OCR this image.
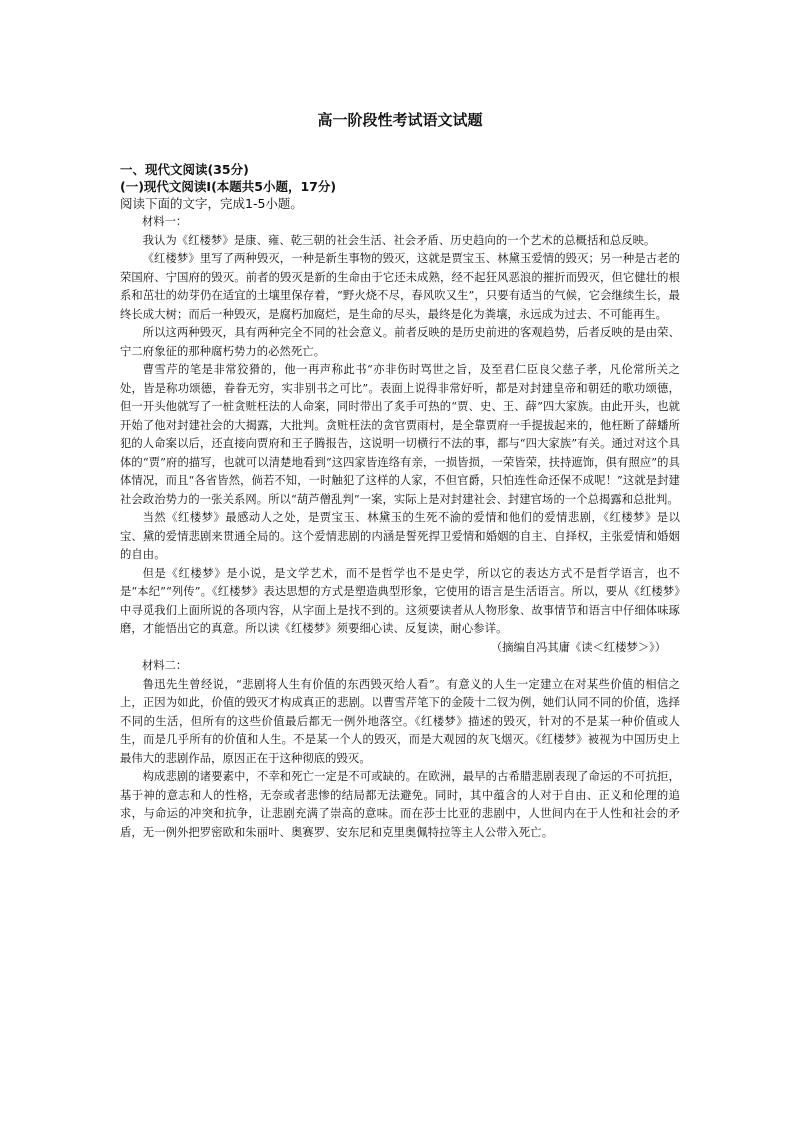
高一阶段性考试语文试题
一、现代文阅读(35分)
(一)现代文阅读Ⅰ(本题共5小题，17分)
阅读下面的文字，完成1-5小题。
材料一：

我认为《红楼梦》是康、雍、乾三朝的社会生活、社会矛盾、历史趋向的一个艺术的总概括和总反映。

《红楼梦》里写了两种毁灭，一种是新生事物的毁灭，这就是贾宝玉、林黛玉爱情的毁灭；另一种是古老的荣国府、宁国府的毁灭。前者的毁灭是新的生命由于它还未成熟，经不起狂风恶浪的摧折而毁灭，但它健壮的根系和茁壮的幼芽仍在适宜的土壤里保存着，“野火烧不尽，春风吹又生”，只要有适当的气候，它会继续生长，最终长成大树；而后一种毁灭，是腐朽加腐烂，是生命的尽头，最终是化为粪壤，永远成为过去、不可能再生。

所以这两种毁灭，具有两种完全不同的社会意义。前者反映的是历史前进的客观趋势，后者反映的是由荣、宁二府象征的那种腐朽势力的必然死亡。

曹雪芹的笔是非常狡猾的，他一再声称此书“亦非伤时骂世之旨，及至君仁臣良父慈子孝，凡伦常所关之处，皆是称功颂德，眷眷无穷，实非别书之可比”。表面上说得非常好听，都是对封建皇帝和朝廷的歌功颂德，但一开头他就写了一桩贪赃枉法的人命案，同时带出了炙手可热的“贾、史、王、薛”四大家族。由此开头，也就开始了他对封建社会的大揭露，大批判。贪赃枉法的贪官贾雨村，是全靠贾府一手提拔起来的，他枉断了薛蟠所犯的人命案以后，还直接向贾府和王子腾报告，这说明一切横行不法的事，都与“四大家族”有关。通过对这个具体的“贾”府的描写，也就可以清楚地看到“这四家皆连络有亲，一损皆损，一荣皆荣，扶持遮饰，俱有照应”的具体情况，而且“各省皆然，倘若不知，一时触犯了这样的人家，不但官爵，只怕连性命还保不成呢！”这就是封建社会政治势力的一张关系网。所以“葫芦僧乱判”一案，实际上是对封建社会、封建官场的一个总揭露和总批判。

当然《红楼梦》最感动人之处，是贾宝玉、林黛玉的生死不渝的爱情和他们的爱情悲剧，《红楼梦》是以宝、黛的爱情悲剧来贯通全局的。这个爱情悲剧的内涵是誓死捍卫爱情和婚姻的自主、自择权，主张爱情和婚姻的自由。

但是《红楼梦》是小说，是文学艺术，而不是哲学也不是史学，所以它的表达方式不是哲学语言，也不是“本纪”“列传”。《红楼梦》表达思想的方式是塑造典型形象，它使用的语言是生活语言。所以，要从《红楼梦》中寻觅我们上面所说的各项内容，从字面上是找不到的。这须要读者从人物形象、故事情节和语言中仔细体味琢磨，才能悟出它的真意。所以读《红楼梦》须要细心读、反复读，耐心参详。

（摘编自冯其庸《读＜红楼梦＞》）
材料二：

鲁迅先生曾经说，“悲剧将人生有价值的东西毁灭给人看”。有意义的人生一定建立在对某些价值的相信之上，正因为如此，价值的毁灭才构成真正的悲剧。以曹雪芹笔下的金陵十二钗为例，她们认同不同的价值，选择不同的生活，但所有的这些价值最后都无一例外地落空。《红楼梦》描述的毁灭，针对的不是某一种价值或人生，而是几乎所有的价值和人生。不是某一个人的毁灭，而是大观园的灰飞烟灭。《红楼梦》被视为中国历史上最伟大的悲剧作品，原因正在于这种彻底的毁灭。

构成悲剧的诸要素中，不幸和死亡一定是不可或缺的。在欧洲，最早的古希腊悲剧表现了命运的不可抗拒，基于神的意志和人的性格，无奈或者悲惨的结局都无法避免。同时，其中蕴含的人对于自由、正义和伦理的追求，与命运的冲突和抗争，让悲剧充满了崇高的意味。而在莎士比亚的悲剧中，人世间内在于人性和社会的矛盾，无一例外把罗密欧和朱丽叶、奥赛罗、安东尼和克里奥佩特拉等主人公带入死亡。
